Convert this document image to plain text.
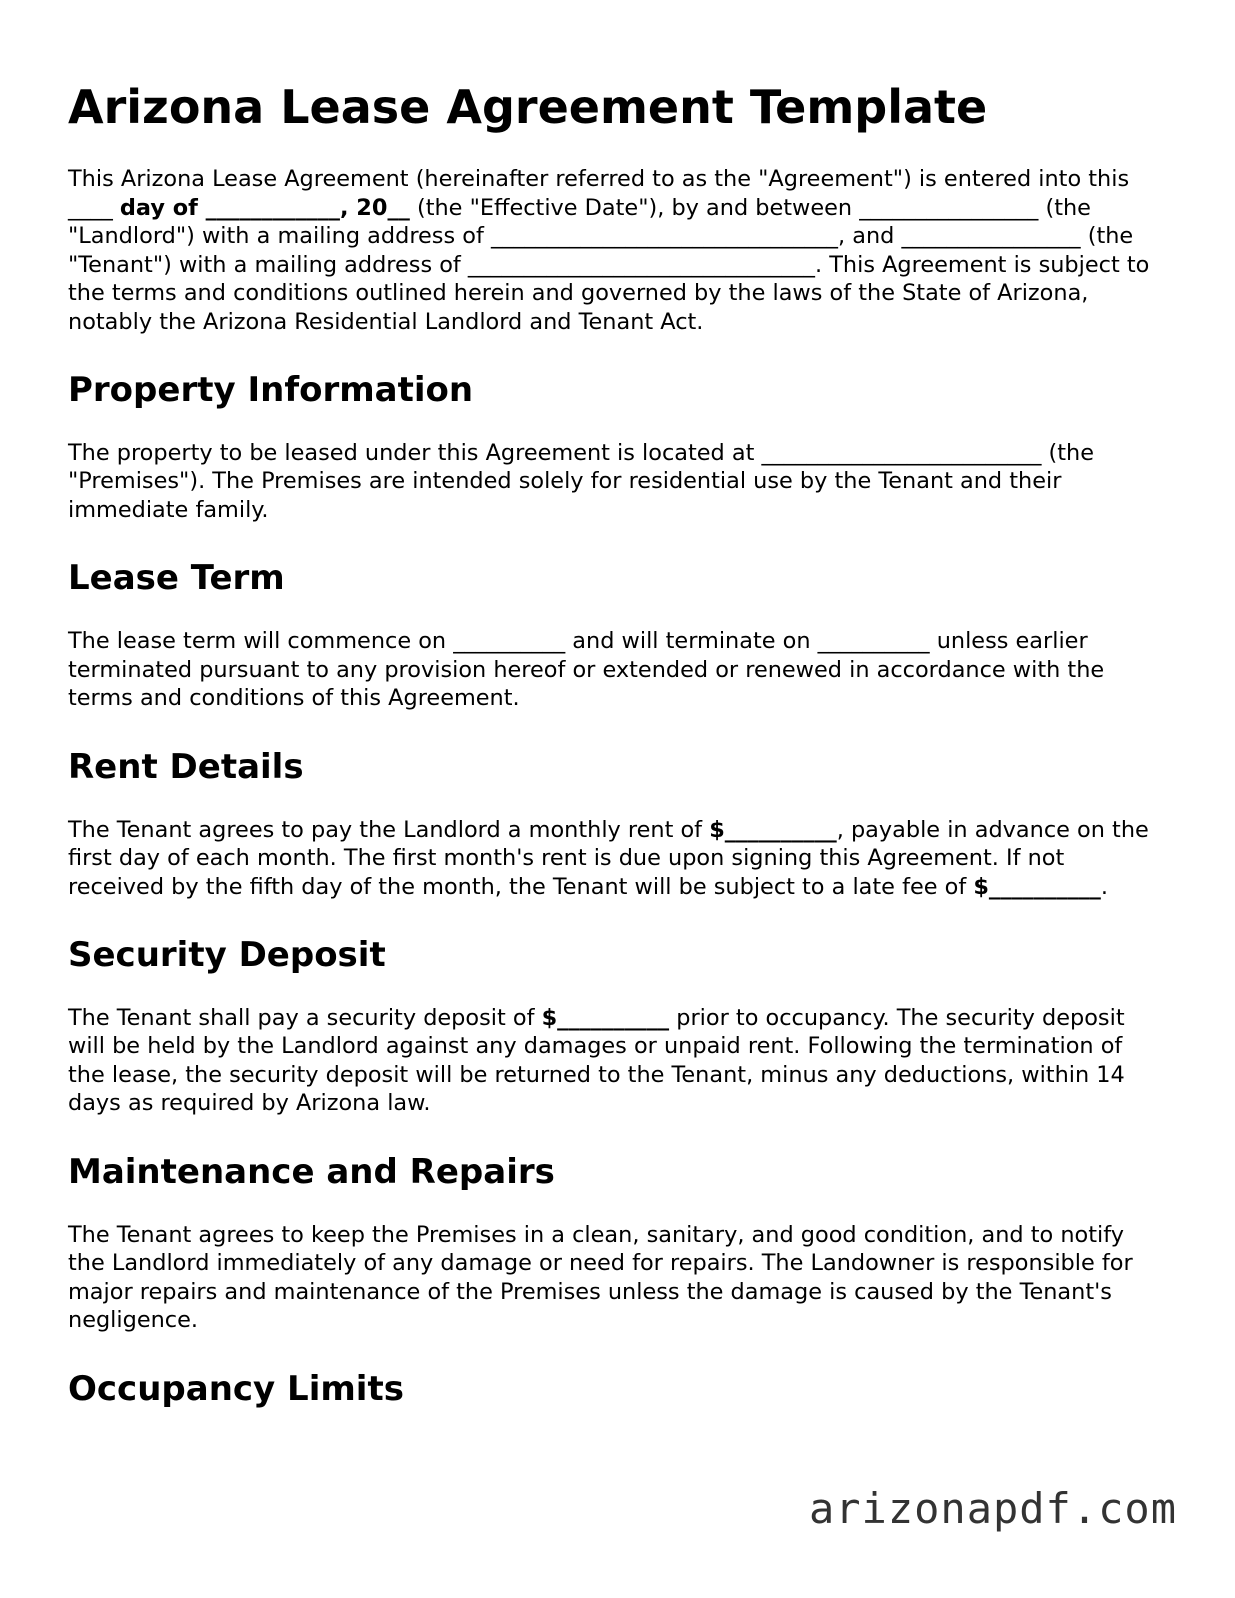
Arizona Lease Agreement Template

This Arizona Lease Agreement (hereinafter referred to as the "Agreement") is entered into this ____ day of ____________, 20__ (the "Effective Date"), by and between ________________ (the "Landlord") with a mailing address of _______________________________, and ________________ (the "Tenant") with a mailing address of _______________________________. This Agreement is subject to the terms and conditions outlined herein and governed by the laws of the State of Arizona, notably the Arizona Residential Landlord and Tenant Act.

Property Information

The property to be leased under this Agreement is located at _________________________ (the "Premises"). The Premises are intended solely for residential use by the Tenant and their immediate family.

Lease Term

The lease term will commence on __________ and will terminate on __________ unless earlier terminated pursuant to any provision hereof or extended or renewed in accordance with the terms and conditions of this Agreement.

Rent Details

The Tenant agrees to pay the Landlord a monthly rent of $__________, payable in advance on the first day of each month. The first month's rent is due upon signing this Agreement. If not received by the fifth day of the month, the Tenant will be subject to a late fee of $__________.

Security Deposit

The Tenant shall pay a security deposit of $__________ prior to occupancy. The security deposit will be held by the Landlord against any damages or unpaid rent. Following the termination of the lease, the security deposit will be returned to the Tenant, minus any deductions, within 14 days as required by Arizona law.

Maintenance and Repairs

The Tenant agrees to keep the Premises in a clean, sanitary, and good condition, and to notify the Landlord immediately of any damage or need for repairs. The Landowner is responsible for major repairs and maintenance of the Premises unless the damage is caused by the Tenant's negligence.

Occupancy Limits
arizonapdf.com
